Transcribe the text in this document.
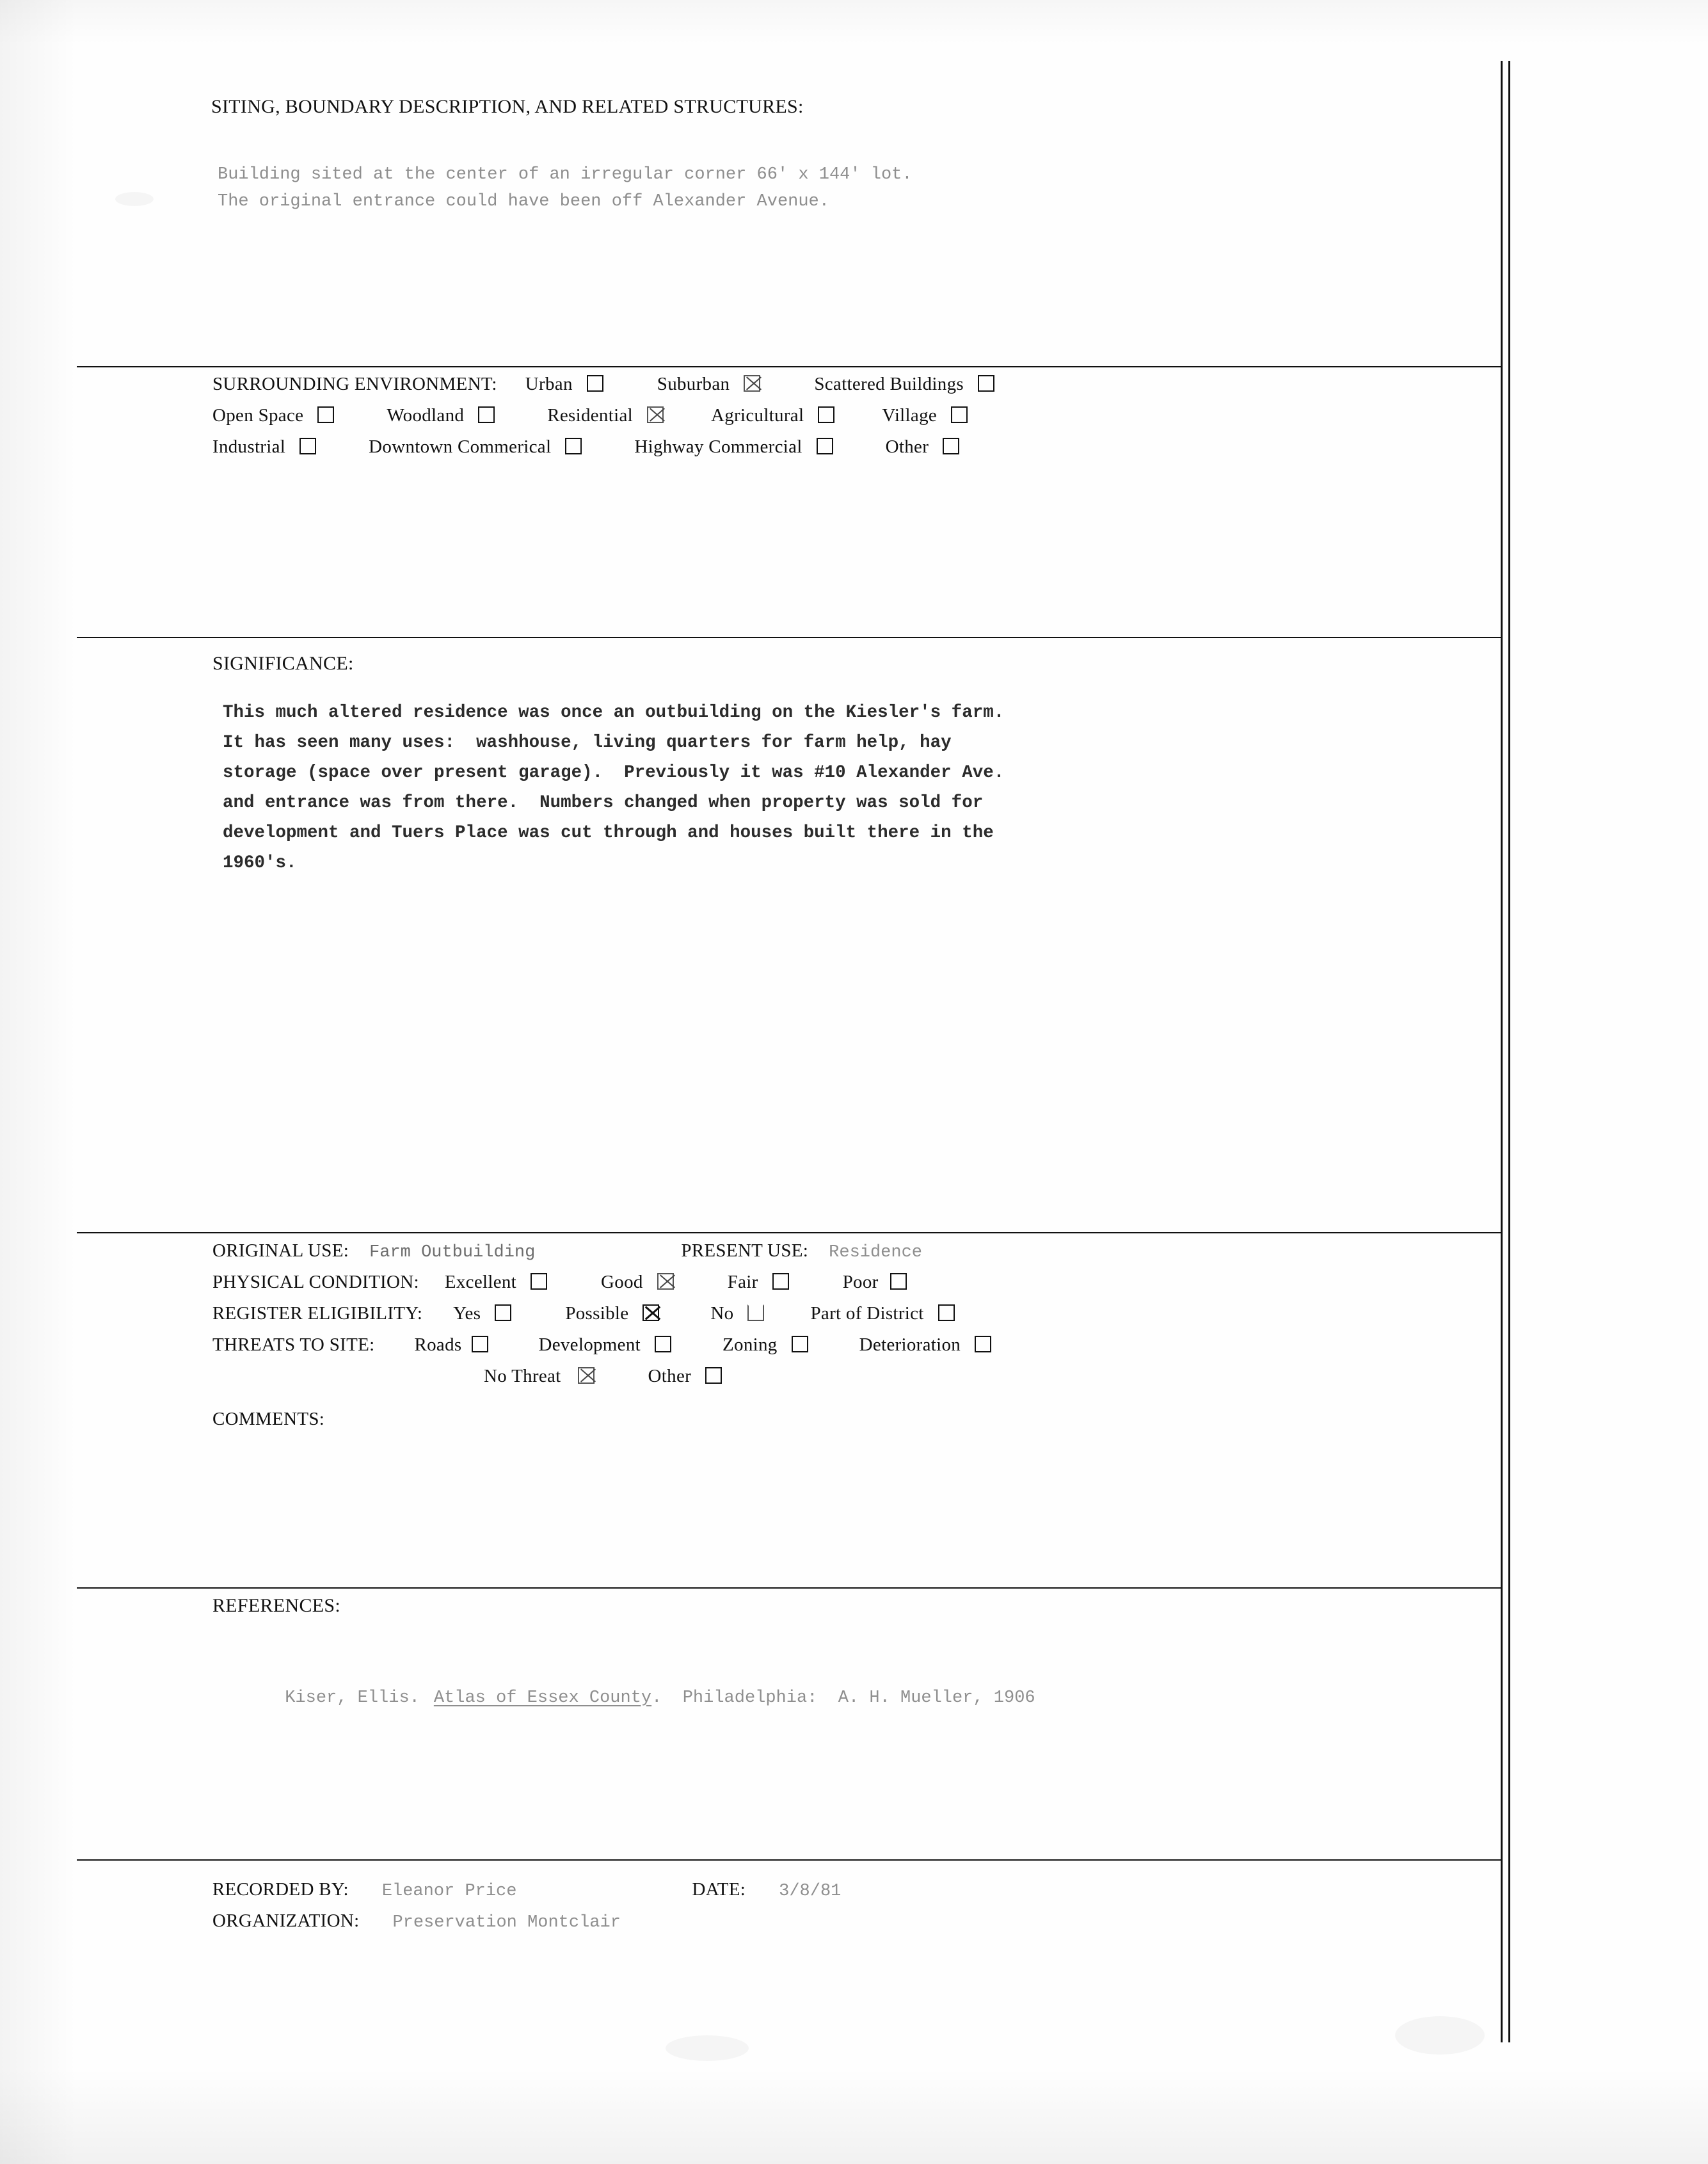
SITING, BOUNDARY DESCRIPTION, AND RELATED STRUCTURES:
Building sited at the center of an irregular corner 66' x 144' lot.
The original entrance could have been off Alexander Avenue.
SURROUNDING ENVIRONMENT: Urban	Suburban	Scattered Buildings
Open Space	Woodland	Residential	Agricultural	Village
Industrial	Downtown Commerical	Highway Commercial	Other
SIGNIFICANCE:
This much altered residence was once an outbuilding on the Kiesler's farm.
It has seen many uses:  washhouse, living quarters for farm help, hay
storage (space over present garage).  Previously it was #10 Alexander Ave.
and entrance was from there.  Numbers changed when property was sold for
development and Tuers Place was cut through and houses built there in the
1960's.
ORIGINAL USE: Farm Outbuilding	PRESENT USE: Residence
PHYSICAL CONDITION: Excellent	Good	Fair	Poor
REGISTER ELIGIBILITY: Yes	Possible	No	Part of District
THREATS TO SITE: Roads	Development	Zoning	Deterioration
No Threat	Other
COMMENTS:
REFERENCES:

Kiser, Ellis. Atlas of Essex County.  Philadelphia:  A. H. Mueller, 1906

RECORDED BY: Eleanor Price	DATE: 3/8/81
ORGANIZATION: Preservation Montclair
